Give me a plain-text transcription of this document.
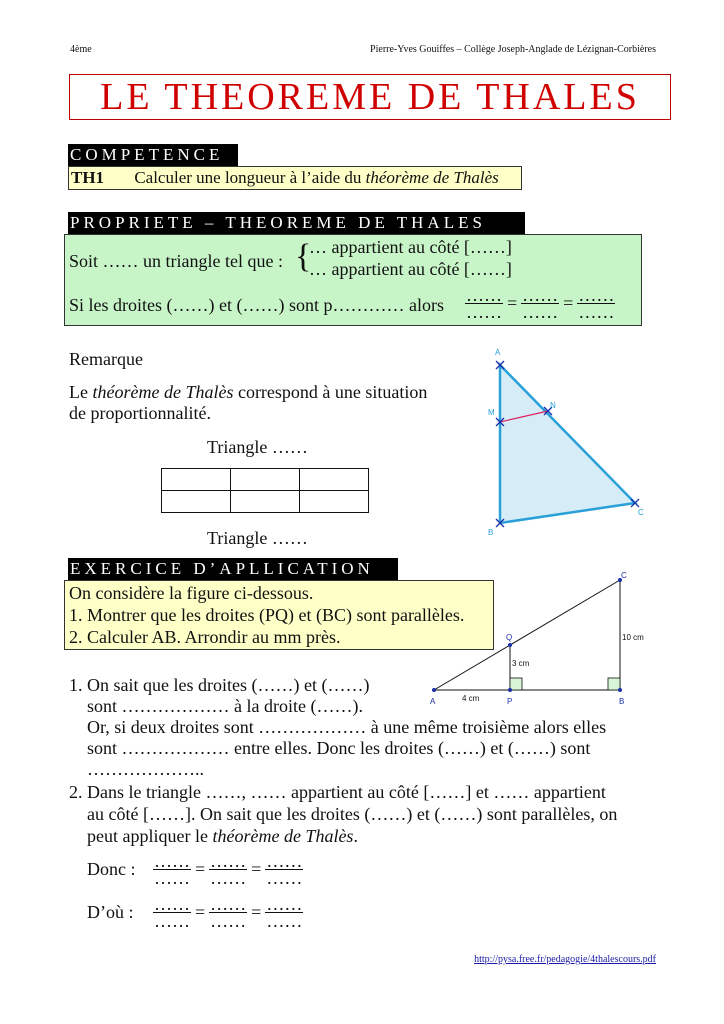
4ème	Pierre-Yves Gouiffes – Collège Joseph-Anglade de Lézignan-Corbières
LE THEOREME DE THALES
COMPETENCE
TH1 Calculer une longueur à l’aide du théorème de Thalès
PROPRIETE – THEOREME DE THALES
Soit …… un triangle tel que : {
… appartient au côté [……]
… appartient au côté [……]
Si les droites (……) et (……) sont p………… alors $\frac{\dots\dots}{\dots\dots} = \frac{\dots\dots}{\dots\dots} = \frac{\dots\dots}{\dots\dots}$
Remarque
Le théorème de Thalès correspond à une situation
de proportionnalité.
Triangle ……

Triangle ……
A
M
N
B
C
EXERCICE D’APLLICATION
On considère la figure ci-dessous.
1. Montrer que les droites (PQ) et (BC) sont parallèles.
2. Calculer AB. Arrondir au mm près.
A	P	B
Q
C
4 cm
3 cm
10 cm
1. On sait que les droites (……) et (……)
sont ……………… à la droite (……).
Or, si deux droites sont ……………… à une même troisième alors elles
sont ……………… entre elles. Donc les droites (……) et (……) sont
………………..
2. Dans le triangle ……, …… appartient au côté [……] et …… appartient
au côté [……]. On sait que les droites (……) et (……) sont parallèles, on
peut appliquer le théorème de Thalès.
Donc : $\frac{\dots\dots}{\dots\dots} = \frac{\dots\dots}{\dots\dots} = \frac{\dots\dots}{\dots\dots}$
D’où : $\frac{\dots\dots}{\dots\dots} = \frac{\dots\dots}{\dots\dots} = \frac{\dots\dots}{\dots\dots}$
http://pysa.free.fr/pedagogie/4thalescours.pdf
